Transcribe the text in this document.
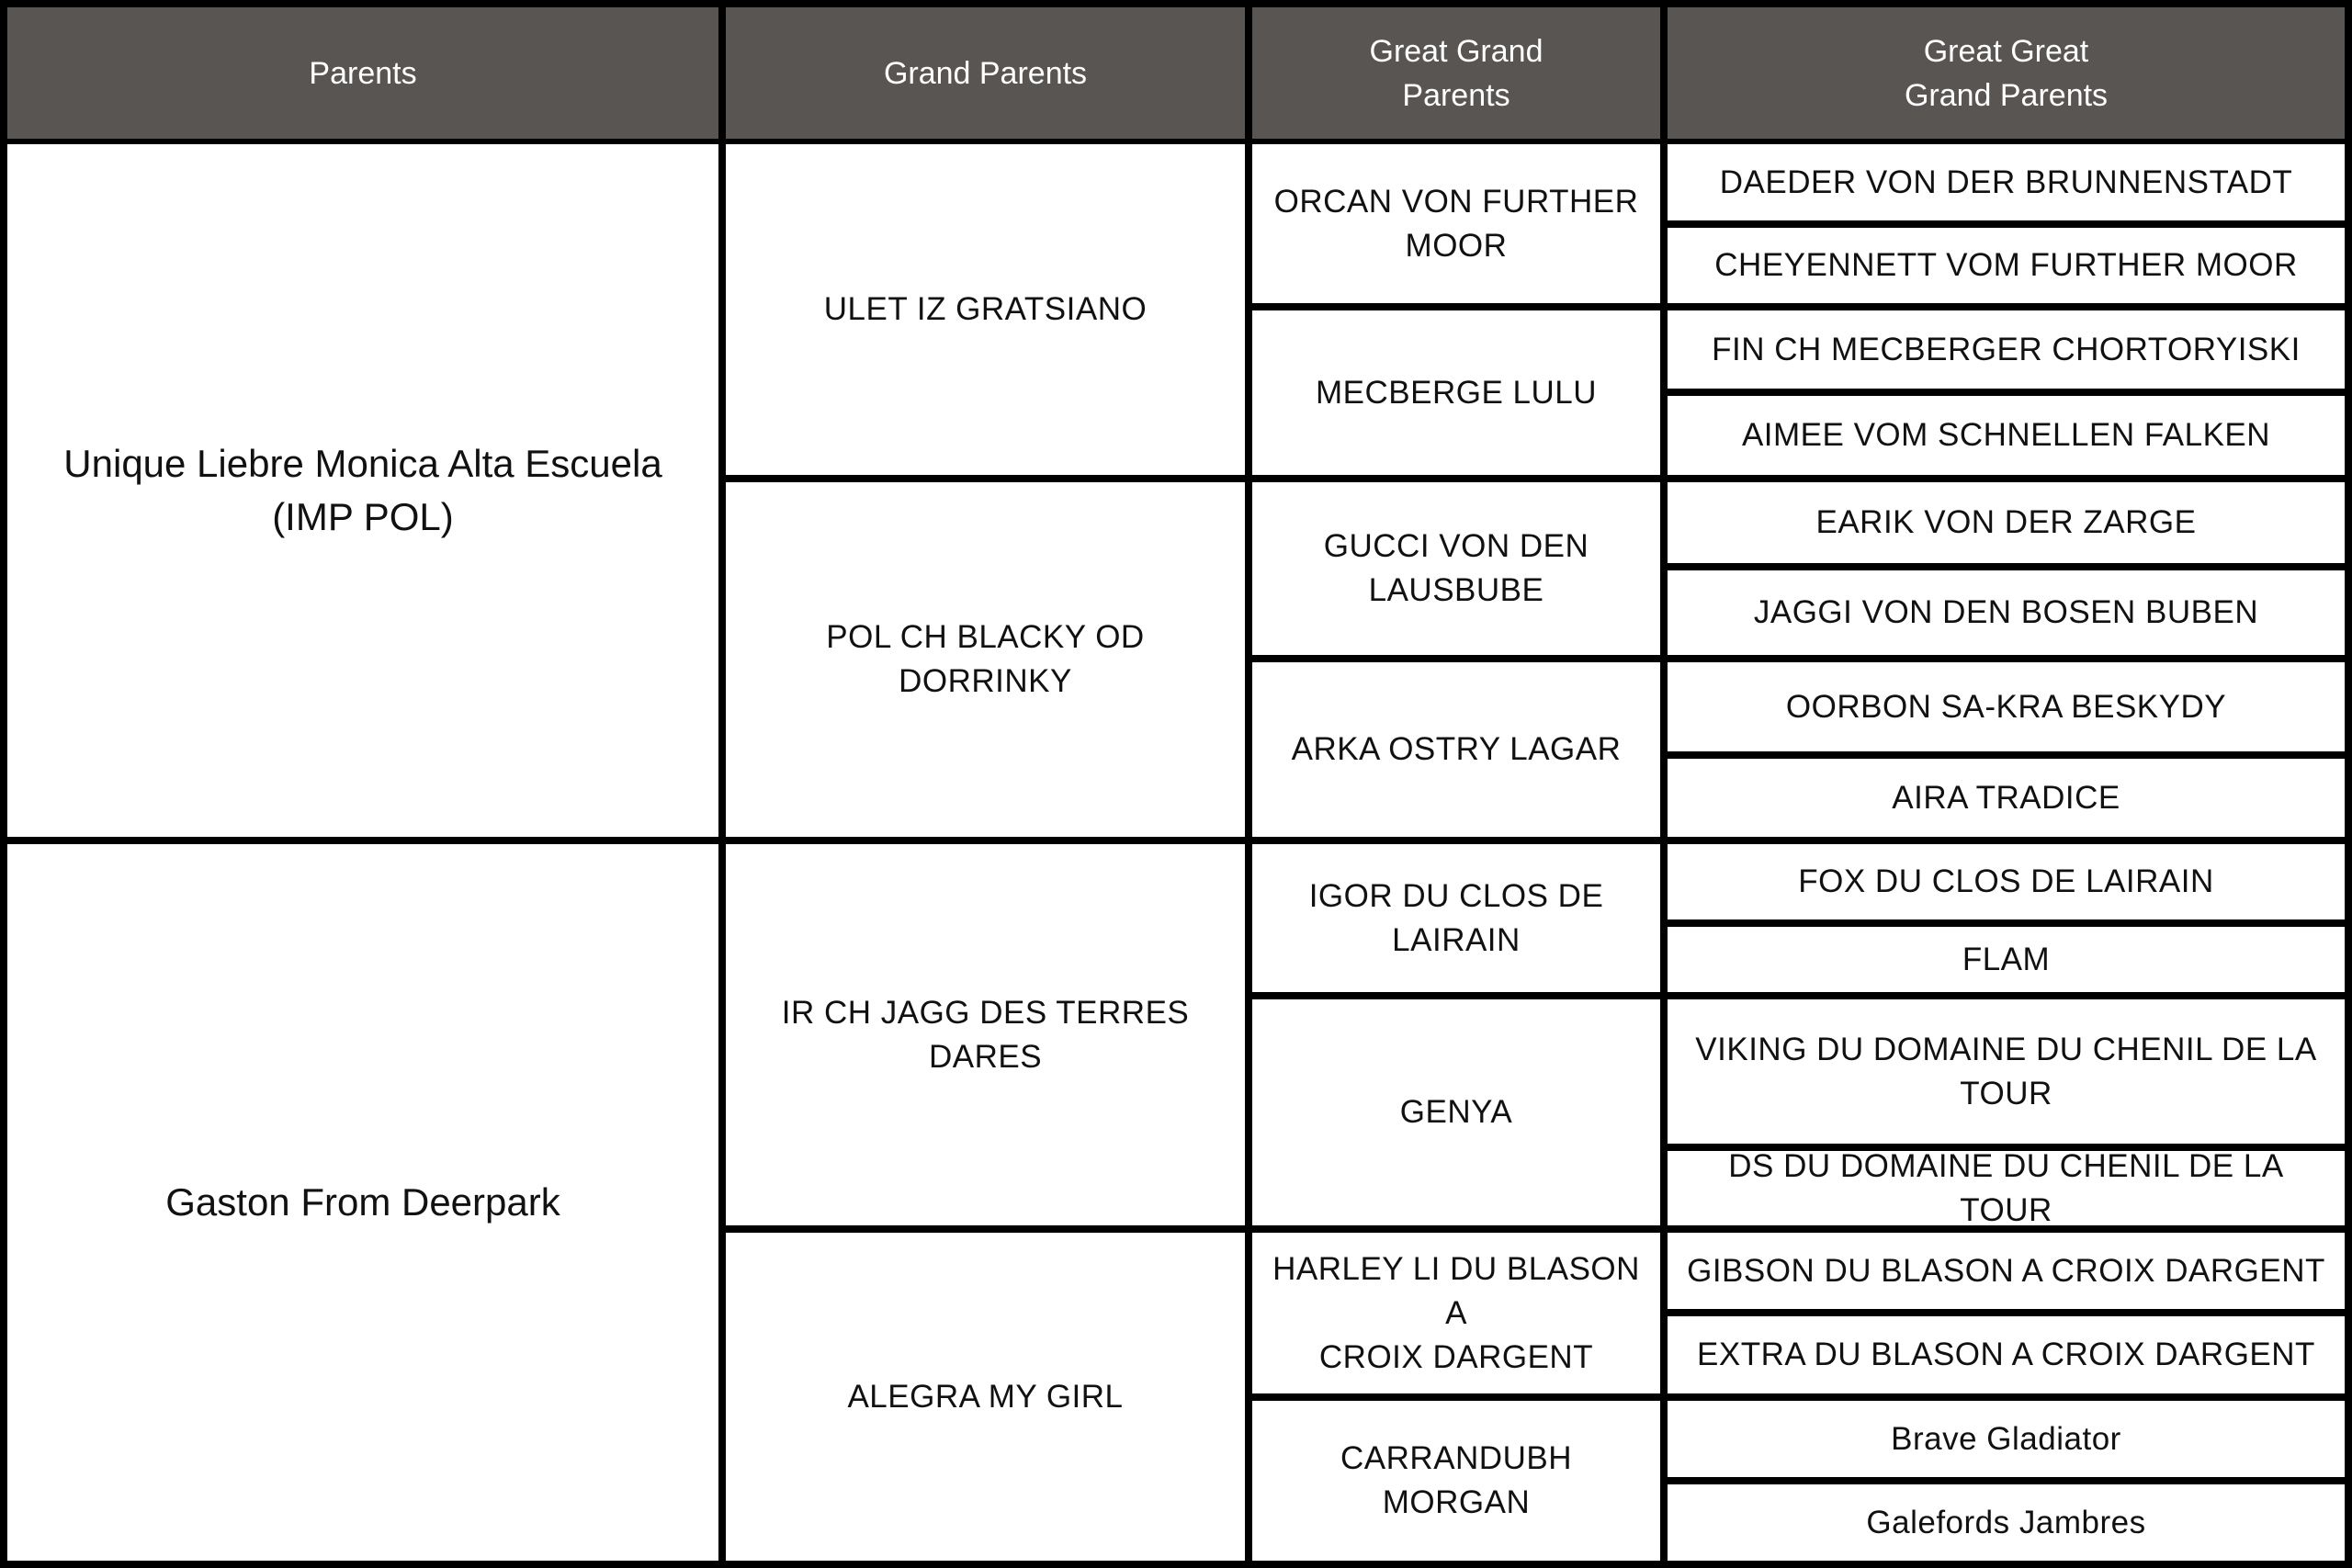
Parents	Grand Parents
Great Grand
Parents
Great Great
Grand Parents
Unique Liebre Monica Alta Escuela
(IMP POL)
Gaston From Deerpark
ULET IZ GRATSIANO
POL CH BLACKY OD DORRINKY
IR CH JAGG DES TERRES DARES
ALEGRA MY GIRL
ORCAN VON FURTHER
MOOR
MECBERGE LULU
GUCCI VON DEN
LAUSBUBE
ARKA OSTRY LAGAR
IGOR DU CLOS DE
LAIRAIN
GENYA
HARLEY LI DU BLASON A
CROIX DARGENT
CARRANDUBH MORGAN
DAEDER VON DER BRUNNENSTADT
CHEYENNETT VOM FURTHER MOOR
FIN CH MECBERGER CHORTORYISKI
AIMEE VOM SCHNELLEN FALKEN
EARIK VON DER ZARGE
JAGGI VON DEN BOSEN BUBEN
OORBON SA-KRA BESKYDY
AIRA TRADICE
FOX DU CLOS DE LAIRAIN
FLAM
VIKING DU DOMAINE DU CHENIL DE LA
TOUR
DS DU DOMAINE DU CHENIL DE LA TOUR
GIBSON DU BLASON A CROIX DARGENT
EXTRA DU BLASON A CROIX DARGENT
Brave Gladiator
Galefords Jambres
